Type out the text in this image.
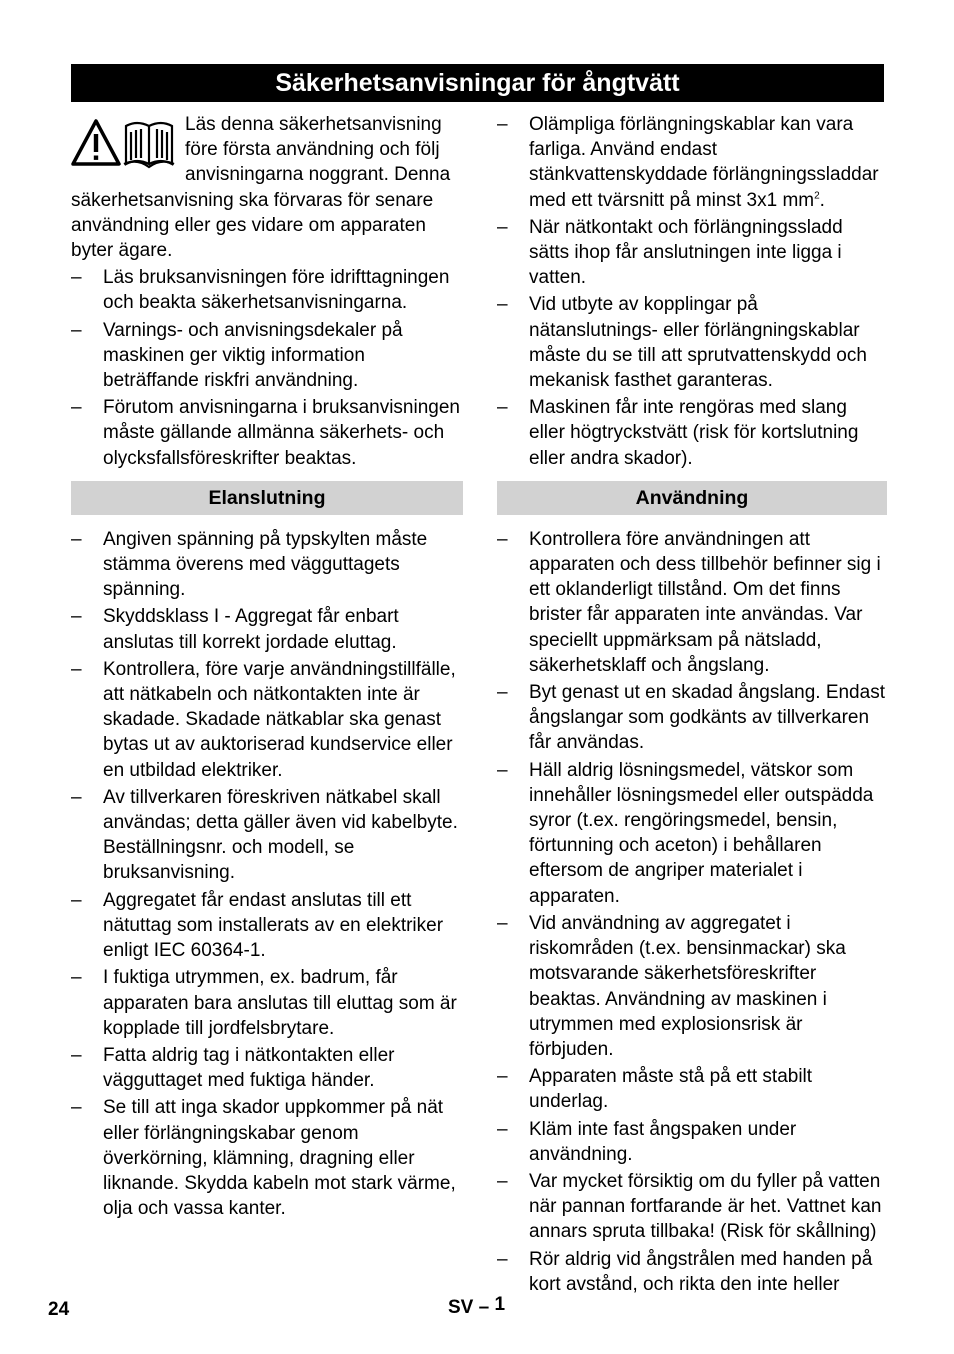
Säkerhetsanvisningar för ångtvätt

Läs denna säkerhetsanvisning före första användning och följ anvisningarna noggrant. Denna säkerhetsanvisning ska förvaras för senare användning eller ges vidare om apparaten byter ägare.

– Läs bruksanvisningen före idrifttagningen och beakta säkerhetsanvisningarna.
– Varnings- och anvisningsdekaler på maskinen ger viktig information beträffande riskfri användning.
– Förutom anvisningarna i bruksanvisningen måste gällande allmänna säkerhets- och olycksfallsföreskrifter beaktas.
Elanslutning
– Angiven spänning på typskylten måste stämma överens med vägguttagets spänning.
– Skyddsklass I - Aggregat får enbart anslutas till korrekt jordade eluttag.
– Kontrollera, före varje användningstillfälle, att nätkabeln och nätkontakten inte är skadade. Skadade nätkablar ska genast bytas ut av auktoriserad kundservice eller en utbildad elektriker.
– Av tillverkaren föreskriven nätkabel skall användas; detta gäller även vid kabelbyte. Beställningsnr. och modell, se bruksanvisning.
– Aggregatet får endast anslutas till ett nätuttag som installerats av en elektriker enligt IEC 60364-1.
– I fuktiga utrymmen, ex. badrum, får apparaten bara anslutas till eluttag som är kopplade till jordfelsbrytare.
– Fatta aldrig tag i nätkontakten eller vägguttaget med fuktiga händer.
– Se till att inga skador uppkommer på nät eller förlängningskabar genom överkörning, klämning, dragning eller liknande. Skydda kabeln mot stark värme, olja och vassa kanter.
– Olämpliga förlängningskablar kan vara farliga. Använd endast stänkvattenskyddade förlängningssladdar med ett tvärsnitt på minst 3x1 $mm^2$.
– När nätkontakt och förlängningssladd sätts ihop får anslutningen inte ligga i vatten.
– Vid utbyte av kopplingar på nätanslutnings- eller förlängningskablar måste du se till att sprutvattenskydd och mekanisk fasthet garanteras.
– Maskinen får inte rengöras med slang eller högtryckstvätt (risk för kortslutning eller andra skador).
Användning
– Kontrollera före användningen att apparaten och dess tillbehör befinner sig i ett oklanderligt tillstånd. Om det finns brister får apparaten inte användas. Var speciellt uppmärksam på nätsladd, säkerhetsklaff och ångslang.
– Byt genast ut en skadad ångslang. Endast ångslangar som godkänts av tillverkaren får användas.
– Häll aldrig lösningsmedel, vätskor som innehåller lösningsmedel eller outspädda syror (t.ex. rengöringsmedel, bensin, förtunning och aceton) i behållaren eftersom de angriper materialet i apparaten.
– Vid användning av aggregatet i riskområden (t.ex. bensinmackar) ska motsvarande säkerhetsföreskrifter beaktas. Användning av maskinen i utrymmen med explosionsrisk är förbjuden.
– Apparaten måste stå på ett stabilt underlag.
– Kläm inte fast ångspaken under användning.
– Var mycket försiktig om du fyller på vatten när pannan fortfarande är het. Vattnet kan annars spruta tillbaka! (Risk för skållning)
– Rör aldrig vid ångstrålen med handen på kort avstånd, och rikta den inte heller
24	SV – 1
